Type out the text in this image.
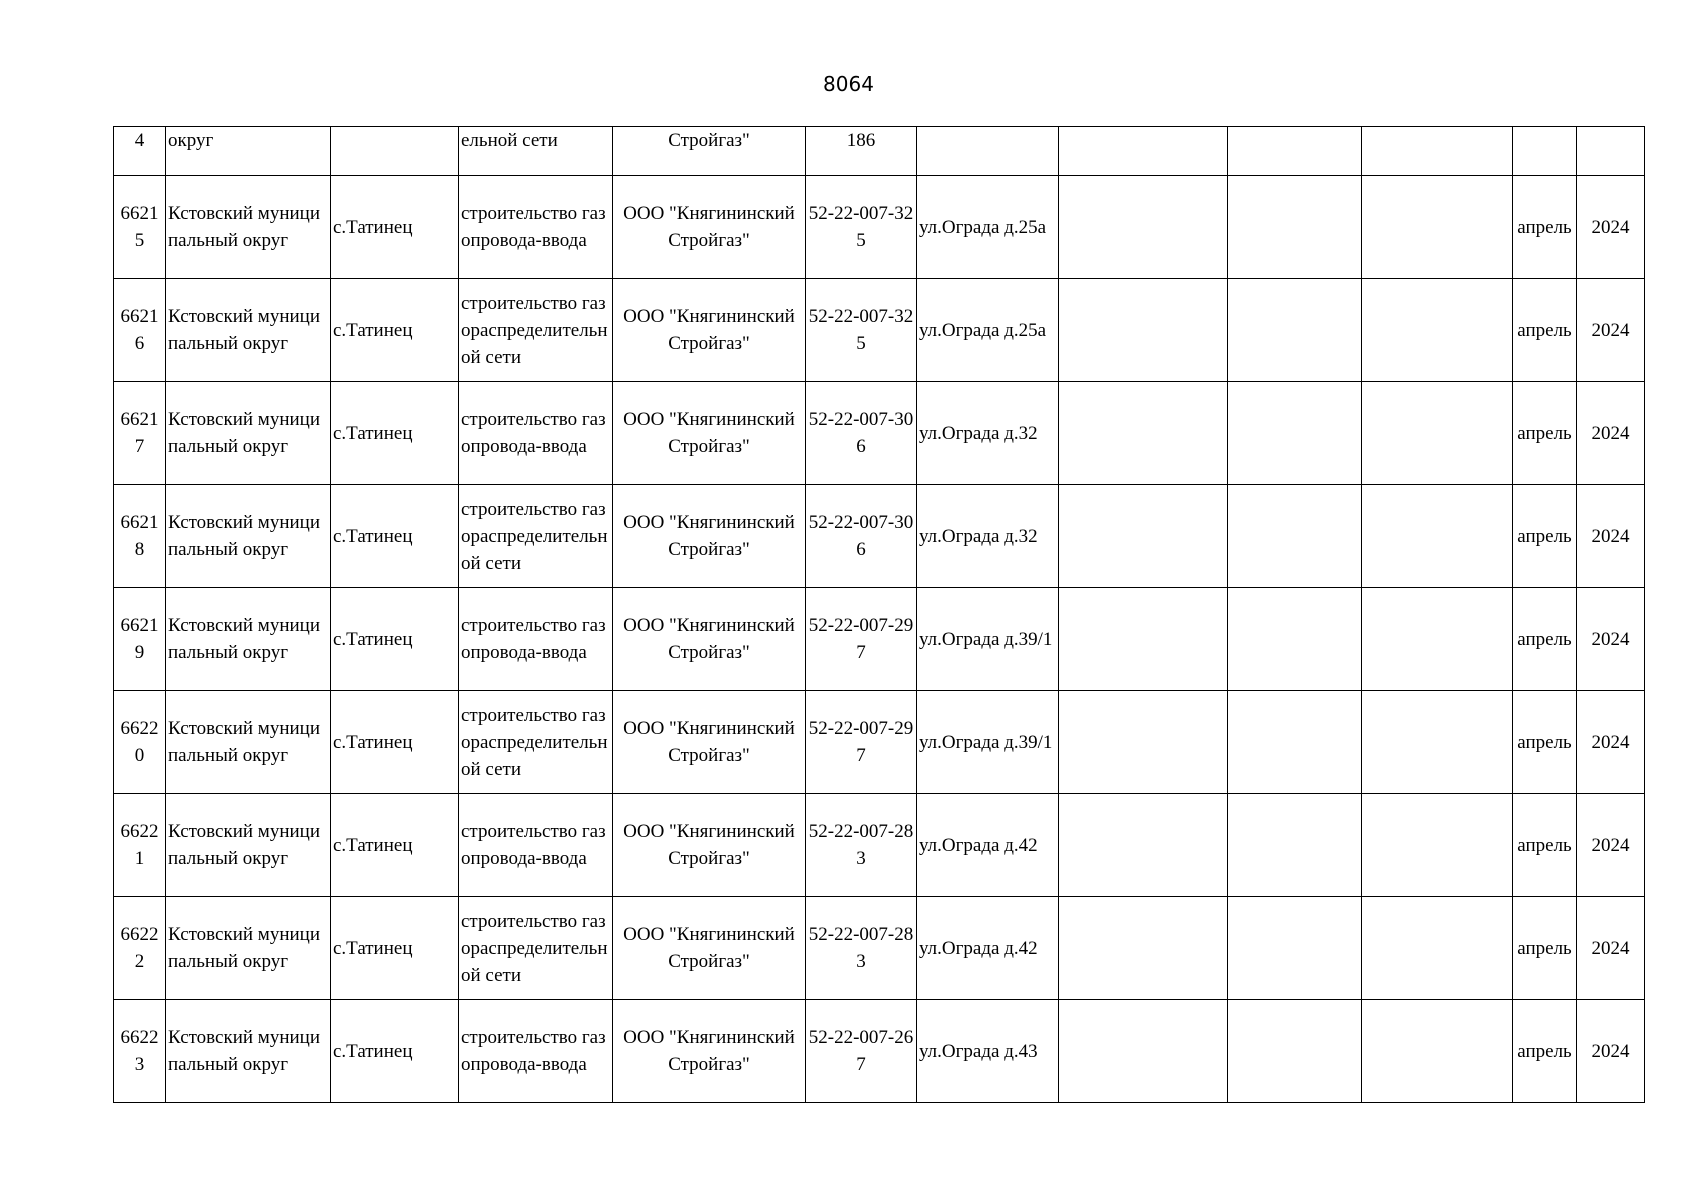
8064
4	округ		ельной сети	Стройгаз"	186						
66215	Кстовский муниципальный округ	с.Татинец	строительство газопровода-ввода	ООО "Княгининский Стройгаз"	52-22-007-325	ул.Ограда д.25а				апрель	2024
66216	Кстовский муниципальный округ	с.Татинец	строительство газораспределительной сети	ООО "Княгининский Стройгаз"	52-22-007-325	ул.Ограда д.25а				апрель	2024
66217	Кстовский муниципальный округ	с.Татинец	строительство газопровода-ввода	ООО "Княгининский Стройгаз"	52-22-007-306	ул.Ограда д.32				апрель	2024
66218	Кстовский муниципальный округ	с.Татинец	строительство газораспределительной сети	ООО "Княгининский Стройгаз"	52-22-007-306	ул.Ограда д.32				апрель	2024
66219	Кстовский муниципальный округ	с.Татинец	строительство газопровода-ввода	ООО "Княгининский Стройгаз"	52-22-007-297	ул.Ограда д.39/1				апрель	2024
66220	Кстовский муниципальный округ	с.Татинец	строительство газораспределительной сети	ООО "Княгининский Стройгаз"	52-22-007-297	ул.Ограда д.39/1				апрель	2024
66221	Кстовский муниципальный округ	с.Татинец	строительство газопровода-ввода	ООО "Княгининский Стройгаз"	52-22-007-283	ул.Ограда д.42				апрель	2024
66222	Кстовский муниципальный округ	с.Татинец	строительство газораспределительной сети	ООО "Княгининский Стройгаз"	52-22-007-283	ул.Ограда д.42				апрель	2024
66223	Кстовский муниципальный округ	с.Татинец	строительство газопровода-ввода	ООО "Княгининский Стройгаз"	52-22-007-267	ул.Ограда д.43				апрель	2024
